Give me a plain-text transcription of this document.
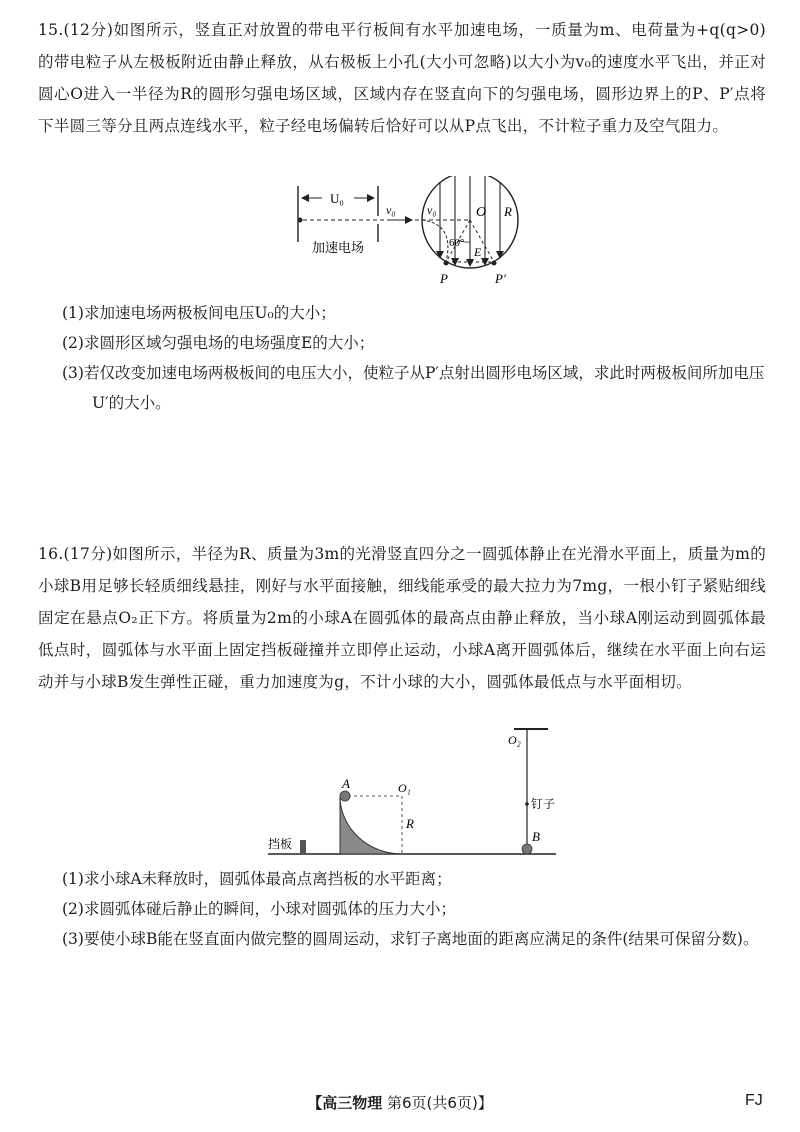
15.(12分)如图所示，竖直正对放置的带电平行板间有水平加速电场，一质量为m、电荷量为+q(q>0)的带电粒子从左极板附近由静止释放，从右极板上小孔(大小可忽略)以大小为v₀的速度水平飞出，并正对圆心O进入一半径为R的圆形匀强电场区域，区域内存在竖直向下的匀强电场，圆形边界上的P、P′点将下半圆三等分且两点连线水平，粒子经电场偏转后恰好可以从P点飞出，不计粒子重力及空气阻力。

U₀
v₀
加速电场
v₀	O R
60°
E
P	P′
(1)求加速电场两极板间电压U₀的大小；
(2)求圆形区域匀强电场的电场强度E的大小；
(3)若仅改变加速电场两极板间的电压大小，使粒子从P′点射出圆形电场区域，求此时两极板间所加电压U′的大小。

16.(17分)如图所示，半径为R、质量为3m的光滑竖直四分之一圆弧体静止在光滑水平面上，质量为m的小球B用足够长轻质细线悬挂，刚好与水平面接触，细线能承受的最大拉力为7mg，一根小钉子紧贴细线固定在悬点O₂正下方。将质量为2m的小球A在圆弧体的最高点由静止释放，当小球A刚运动到圆弧体最低点时，圆弧体与水平面上固定挡板碰撞并立即停止运动，小球A离开圆弧体后，继续在水平面上向右运动并与小球B发生弹性正碰，重力加速度为g，不计小球的大小，圆弧体最低点与水平面相切。

挡板
A	O₁
R
O₂
钉子
B
(1)求小球A未释放时，圆弧体最高点离挡板的水平距离；
(2)求圆弧体碰后静止的瞬间，小球对圆弧体的压力大小；
(3)要使小球B能在竖直面内做完整的圆周运动，求钉子离地面的距离应满足的条件(结果可保留分数)。
【高三物理 第6页(共6页)】	FJ
